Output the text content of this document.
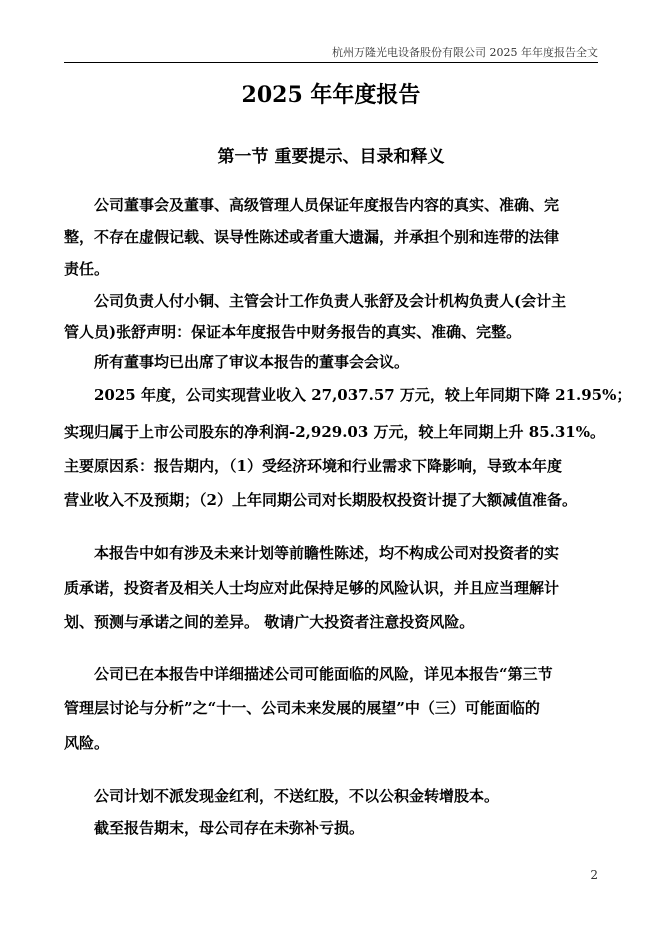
杭州万隆光电设备股份有限公司 2025 年年度报告全文
2025 年年度报告
第一节 重要提示、目录和释义
公司董事会及董事、高级管理人员保证年度报告内容的真实、准确、完
整，不存在虚假记载、误导性陈述或者重大遗漏，并承担个别和连带的法律
责任。
公司负责人付小铜、主管会计工作负责人张舒及会计机构负责人(会计主
管人员)张舒声明：保证本年度报告中财务报告的真实、准确、完整。
所有董事均已出席了审议本报告的董事会会议。
2025 年度，公司实现营业收入 27,037.57 万元，较上年同期下降 21.95%；
实现归属于上市公司股东的净利润-2,929.03 万元，较上年同期上升 85.31%。
主要原因系：报告期内，（1）受经济环境和行业需求下降影响，导致本年度
营业收入不及预期；（2）上年同期公司对长期股权投资计提了大额减值准备。
本报告中如有涉及未来计划等前瞻性陈述，均不构成公司对投资者的实
质承诺，投资者及相关人士均应对此保持足够的风险认识，并且应当理解计
划、预测与承诺之间的差异。 敬请广大投资者注意投资风险。
公司已在本报告中详细描述公司可能面临的风险，详见本报告“第三节
管理层讨论与分析”之“十一、公司未来发展的展望”中（三）可能面临的
风险。
公司计划不派发现金红利，不送红股，不以公积金转增股本。
截至报告期末，母公司存在未弥补亏损。
2
